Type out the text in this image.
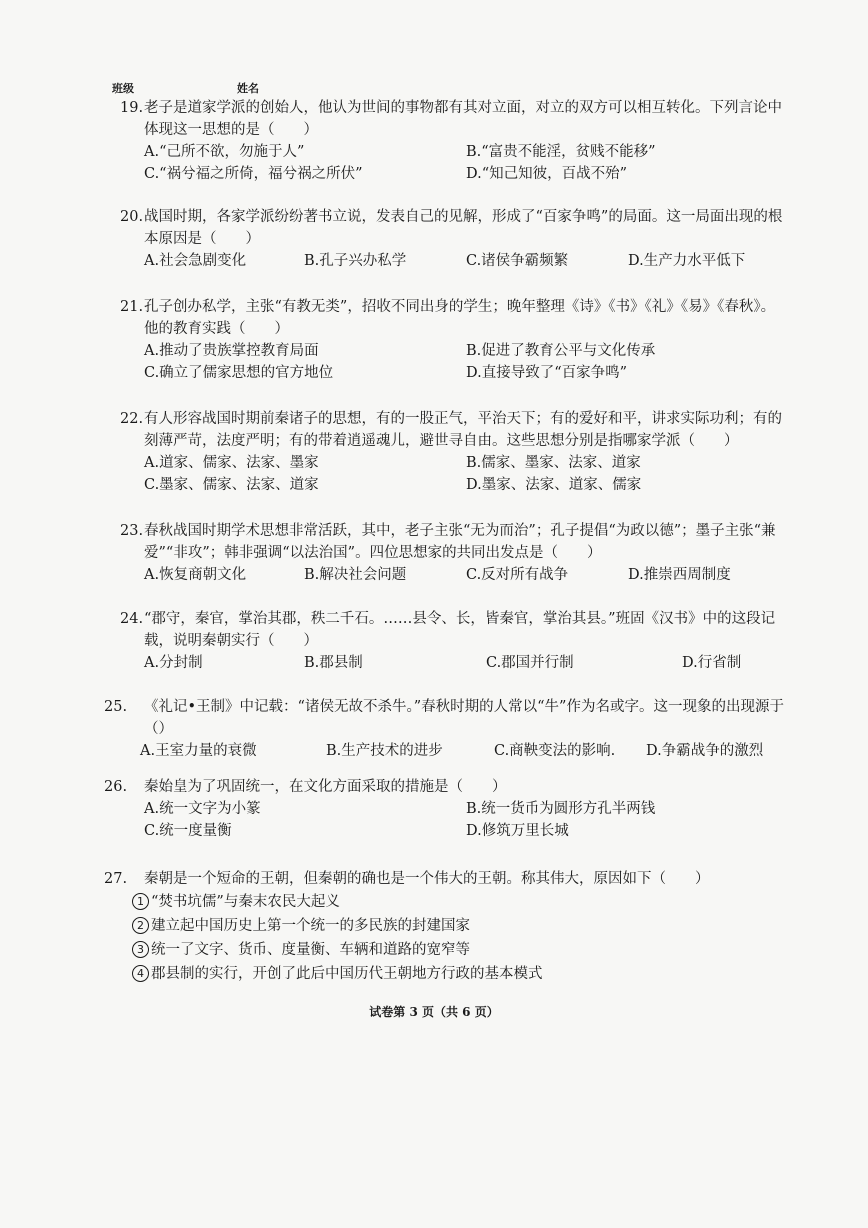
班级	姓名
19. 老子是道家学派的创始人，他认为世间的事物都有其对立面，对立的双方可以相互转化。下列言论中体现这一思想的是（　　）
A.“己所不欲，勿施于人”	B.“富贵不能淫，贫贱不能移”
C.“祸兮福之所倚，福兮祸之所伏”	D.“知己知彼，百战不殆”
20. 战国时期，各家学派纷纷著书立说，发表自己的见解，形成了“百家争鸣”的局面。这一局面出现的根本原因是（　　）
A.社会急剧变化	B.孔子兴办私学	C.诸侯争霸频繁	D.生产力水平低下
21. 孔子创办私学，主张“有教无类”，招收不同出身的学生；晚年整理《诗》《书》《礼》《易》《春秋》。他的教育实践（　　）
A.推动了贵族掌控教育局面	B.促进了教育公平与文化传承
C.确立了儒家思想的官方地位	D.直接导致了“百家争鸣”
22. 有人形容战国时期前秦诸子的思想，有的一股正气，平治天下；有的爱好和平，讲求实际功利；有的刻薄严苛，法度严明；有的带着逍遥魂儿，避世寻自由。这些思想分别是指哪家学派（　　）
A.道家、儒家、法家、墨家	B.儒家、墨家、法家、道家
C.墨家、儒家、法家、道家	D.墨家、法家、道家、儒家
23. 春秋战国时期学术思想非常活跃，其中，老子主张“无为而治”；孔子提倡“为政以德”；墨子主张“兼爱”“非攻”；韩非强调“以法治国”。四位思想家的共同出发点是（　　）
A.恢复商朝文化	B.解决社会问题	C.反对所有战争	D.推崇西周制度
24. “郡守，秦官，掌治其郡，秩二千石。……县令、长，皆秦官，掌治其县。”班固《汉书》中的这段记载，说明秦朝实行（　　）
A.分封制	B.郡县制	C.郡国并行制	D.行省制
25. 《礼记•王制》中记载：“诸侯无故不杀牛。”春秋时期的人常以“牛”作为名或字。这一现象的出现源于（）
A.王室力量的衰微	B.生产技术的进步	C.商鞅变法的影响. D.争霸战争的激烈
26. 秦始皇为了巩固统一，在文化方面采取的措施是（　　）
A.统一文字为小篆	B.统一货币为圆形方孔半两钱
C.统一度量衡	D.修筑万里长城
27. 秦朝是一个短命的王朝，但秦朝的确也是一个伟大的王朝。称其伟大，原因如下（　　）
1 “焚书坑儒”与秦末农民大起义
2 建立起中国历史上第一个统一的多民族的封建国家
3 统一了文字、货币、度量衡、车辆和道路的宽窄等
4 郡县制的实行，开创了此后中国历代王朝地方行政的基本模式
试卷第 3 页（共 6 页）
